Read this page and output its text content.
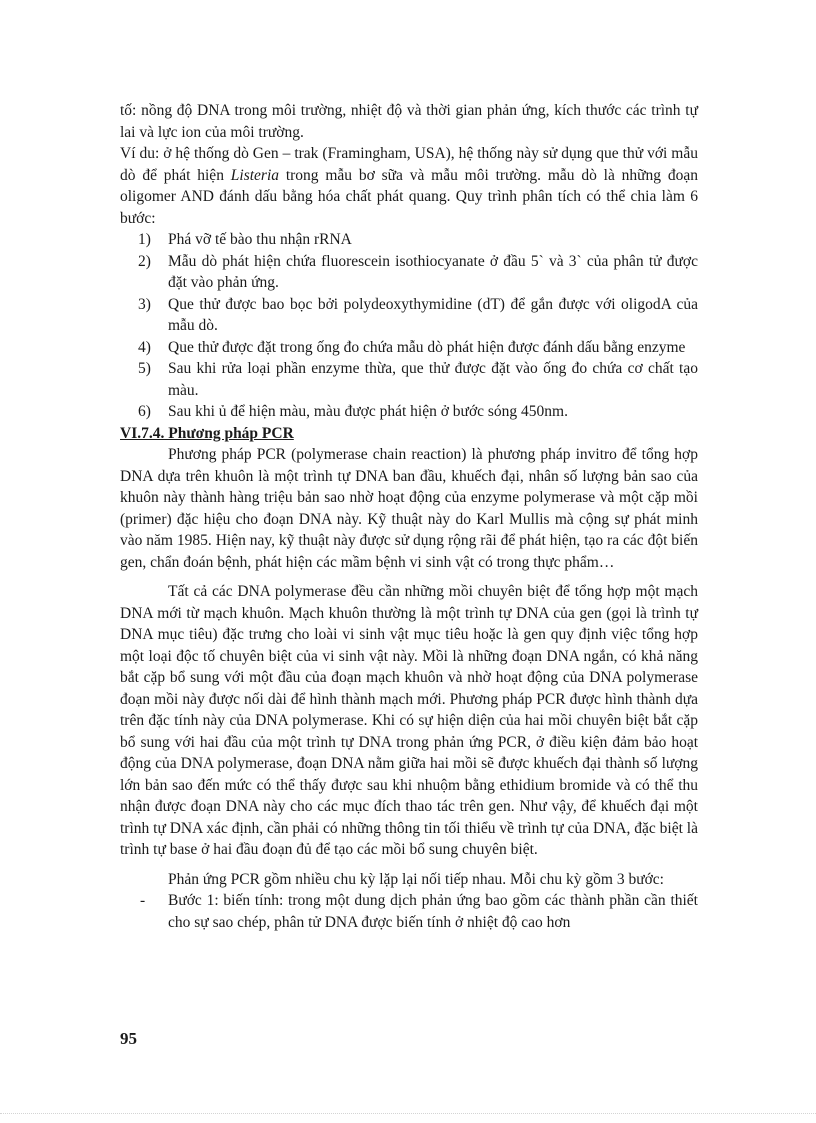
tố: nồng độ DNA trong môi trường, nhiệt độ và thời gian phản ứng, kích thước các trình tự lai và lực ion của môi trường.

Ví du: ở hệ thống dò Gen – trak (Framingham, USA), hệ thống này sử dụng que thử với mẫu dò để phát hiện Listeria trong mẫu bơ sữa và mẫu môi trường. mẫu dò là những đoạn oligomer AND đánh dấu bằng hóa chất phát quang. Quy trình phân tích có thể chia làm 6 bước:

1) Phá vỡ tế bào thu nhận rRNA
2) Mẫu dò phát hiện chứa fluorescein isothiocyanate ở đầu 5` và 3` của phân tử được đặt vào phản ứng.
3) Que thử được bao bọc bởi polydeoxythymidine (dT) để gắn được với oligodA của mẫu dò.
4) Que thử được đặt trong ống đo chứa mẫu dò phát hiện được đánh dấu bằng enzyme
5) Sau khi rửa loại phần enzyme thừa, que thử được đặt vào ống đo chứa cơ chất tạo màu.
6) Sau khi ủ để hiện màu, màu được phát hiện ở bước sóng 450nm.

VI.7.4. Phương pháp PCR

Phương pháp PCR (polymerase chain reaction) là phương pháp invitro để tổng hợp DNA dựa trên khuôn là một trình tự DNA ban đầu, khuếch đại, nhân số lượng bản sao của khuôn này thành hàng triệu bản sao nhờ hoạt động của enzyme polymerase và một cặp mồi (primer) đặc hiệu cho đoạn DNA này. Kỹ thuật này do Karl Mullis mà cộng sự phát minh vào năm 1985. Hiện nay, kỹ thuật này được sử dụng rộng rãi để phát hiện, tạo ra các đột biến gen, chẩn đoán bệnh, phát hiện các mầm bệnh vi sinh vật có trong thực phẩm…

Tất cả các DNA polymerase đều cần những mồi chuyên biệt để tổng hợp một mạch DNA mới từ mạch khuôn. Mạch khuôn thường là một trình tự DNA của gen (gọi là trình tự DNA mục tiêu) đặc trưng cho loài vi sinh vật mục tiêu hoặc là gen quy định việc tổng hợp một loại độc tố chuyên biệt của vi sinh vật này. Mồi là những đoạn DNA ngắn, có khả năng bắt cặp bổ sung với một đầu của đoạn mạch khuôn và nhờ hoạt động của DNA polymerase đoạn mồi này được nối dài để hình thành mạch mới. Phương pháp PCR được hình thành dựa trên đặc tính này của DNA polymerase. Khi có sự hiện diện của hai mồi chuyên biệt bắt cặp bổ sung với hai đầu của một trình tự DNA trong phản ứng PCR, ở điều kiện đảm bảo hoạt động của DNA polymerase, đoạn DNA nằm giữa hai mồi sẽ được khuếch đại thành số lượng lớn bản sao đến mức có thể thấy được sau khi nhuộm bằng ethidium bromide và có thể thu nhận được đoạn DNA này cho các mục đích thao tác trên gen. Như vậy, để khuếch đại một trình tự DNA xác định, cần phải có những thông tin tối thiểu về trình tự của DNA, đặc biệt là trình tự base ở hai đầu đoạn đủ để tạo các mồi bổ sung chuyên biệt.

Phản ứng PCR gồm nhiều chu kỳ lặp lại nối tiếp nhau. Mỗi chu kỳ gồm 3 bước:

- Bước 1: biến tính: trong một dung dịch phản ứng bao gồm các thành phần cần thiết cho sự sao chép, phân tử DNA được biến tính ở nhiệt độ cao hơn
95
